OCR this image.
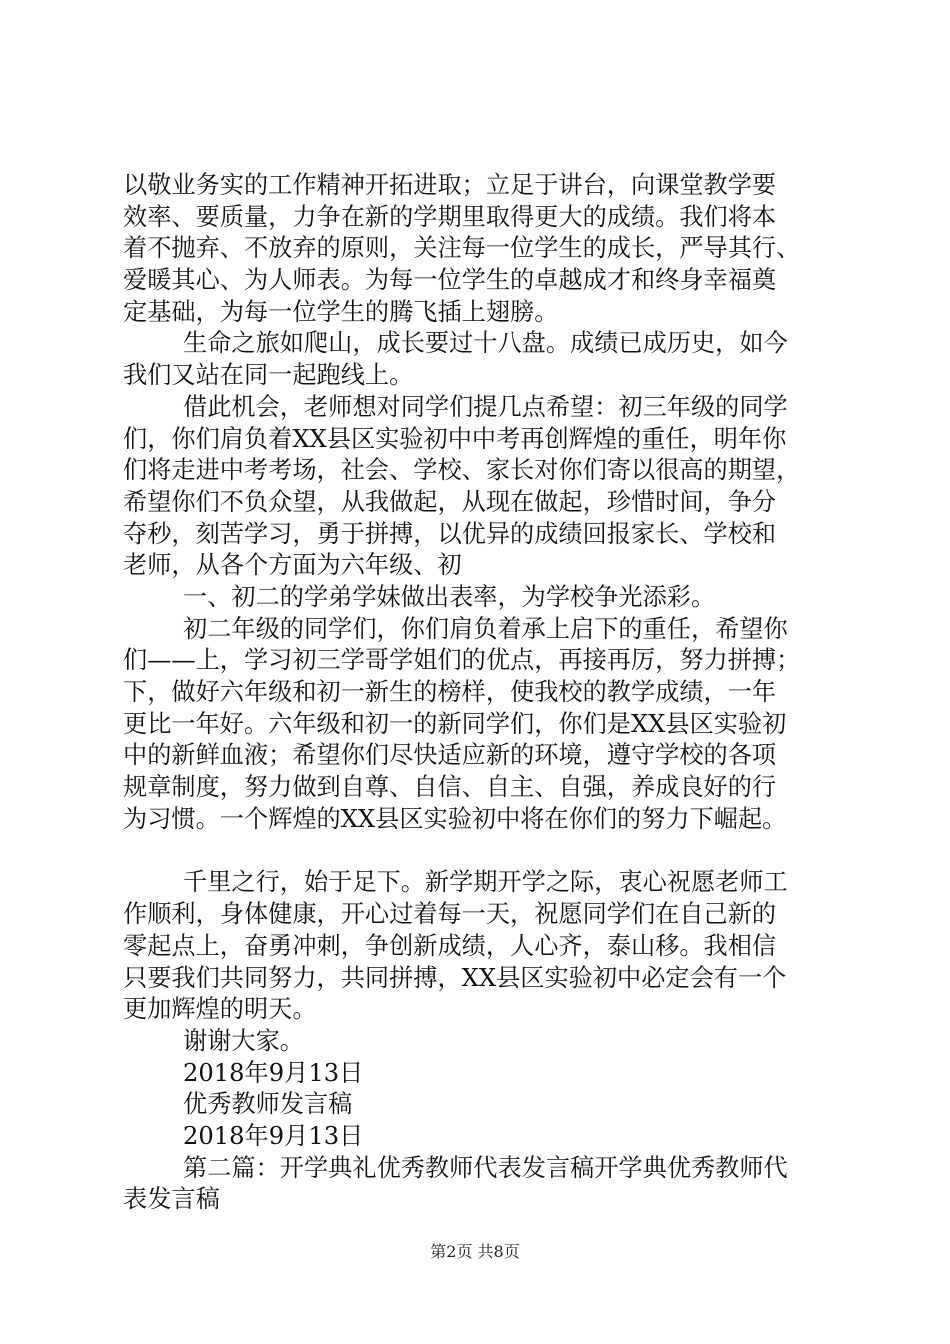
以敬业务实的工作精神开拓进取；立足于讲台，向课堂教学要
效率、要质量，力争在新的学期里取得更大的成绩。我们将本
着不抛弃、不放弃的原则，关注每一位学生的成长，严导其行、
爱暖其心、为人师表。为每一位学生的卓越成才和终身幸福奠
定基础，为每一位学生的腾飞插上翅膀。
生命之旅如爬山，成长要过十八盘。成绩已成历史，如今
我们又站在同一起跑线上。
借此机会，老师想对同学们提几点希望：初三年级的同学
们，你们肩负着XX县区实验初中中考再创辉煌的重任，明年你
们将走进中考考场，社会、学校、家长对你们寄以很高的期望，
希望你们不负众望，从我做起，从现在做起，珍惜时间，争分
夺秒，刻苦学习，勇于拼搏，以优异的成绩回报家长、学校和
老师，从各个方面为六年级、初
一、初二的学弟学妹做出表率，为学校争光添彩。
初二年级的同学们，你们肩负着承上启下的重任，希望你
们——上，学习初三学哥学姐们的优点，再接再厉，努力拼搏；
下，做好六年级和初一新生的榜样，使我校的教学成绩，一年
更比一年好。六年级和初一的新同学们，你们是XX县区实验初
中的新鲜血液；希望你们尽快适应新的环境，遵守学校的各项
规章制度，努力做到自尊、自信、自主、自强，养成良好的行
为习惯。一个辉煌的XX县区实验初中将在你们的努力下崛起。
千里之行，始于足下。新学期开学之际，衷心祝愿老师工
作顺利，身体健康，开心过着每一天，祝愿同学们在自己新的
零起点上，奋勇冲刺，争创新成绩，人心齐，泰山移。我相信
只要我们共同努力，共同拼搏，XX县区实验初中必定会有一个
更加辉煌的明天。
谢谢大家。
2018年9月13日
优秀教师发言稿
2018年9月13日
第二篇：开学典礼优秀教师代表发言稿开学典优秀教师代
表发言稿
第2页 共8页
